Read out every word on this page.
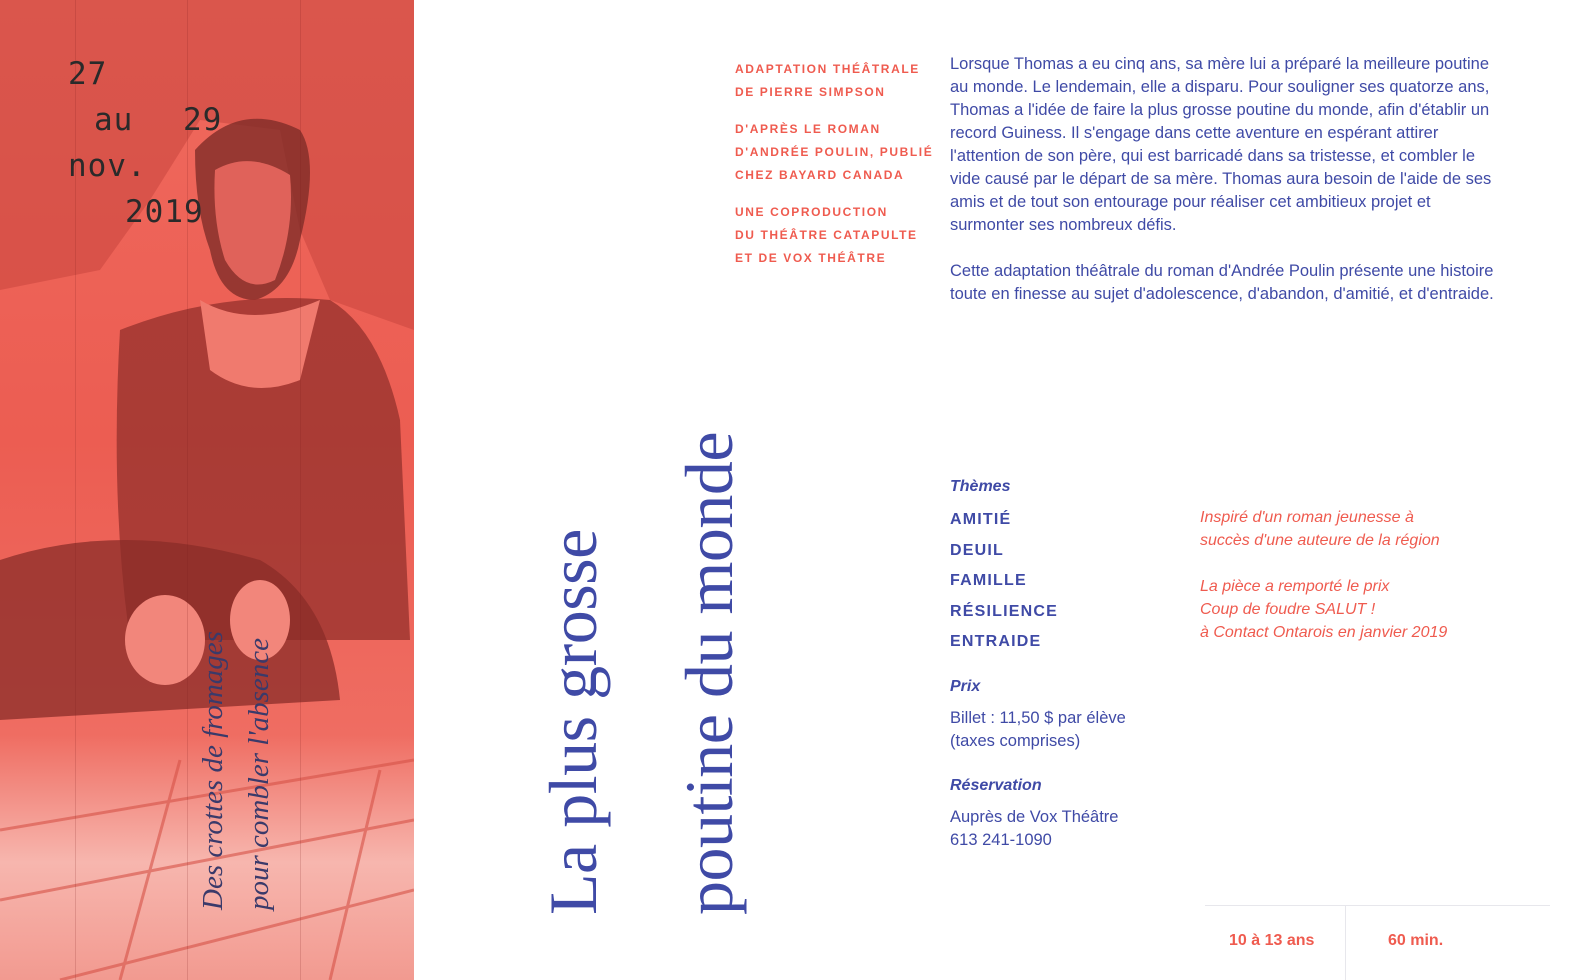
27
au 29
nov.
2019
Des crottes de fromages pour combler l'absence	La plus grosse poutine du monde

ADAPTATION THÉÂTRALE
DE PIERRE SIMPSON

D'APRÈS LE ROMAN
D'ANDRÉE POULIN, PUBLIÉ
CHEZ BAYARD CANADA

UNE COPRODUCTION
DU THÉÂTRE CATAPULTE
ET DE VOX THÉÂTRE

Lorsque Thomas a eu cinq ans, sa mère lui a préparé la meilleure poutine au monde. Le lendemain, elle a disparu. Pour souligner ses quatorze ans, Thomas a l'idée de faire la plus grosse poutine du monde, afin d'établir un record Guiness. Il s'engage dans cette aventure en espérant attirer l'attention de son père, qui est barricadé dans sa tristesse, et combler le vide causé par le départ de sa mère. Thomas aura besoin de l'aide de ses amis et de tout son entourage pour réaliser cet ambitieux projet et surmonter ses nombreux défis.

Cette adaptation théâtrale du roman d'Andrée Poulin présente une histoire toute en finesse au sujet d'adolescence, d'abandon, d'amitié, et d'entraide.

Thèmes
AMITIÉ
DEUIL
FAMILLE
RÉSILIENCE
ENTRAIDE
Prix
Billet : 11,50 $ par élève
(taxes comprises)
Réservation
Auprès de Vox Théâtre
613 241-1090

Inspiré d'un roman jeunesse à
succès d'une auteure de la région

La pièce a remporté le prix
Coup de foudre SALUT !
à Contact Ontarois en janvier 2019

10 à 13 ans	60 min.
